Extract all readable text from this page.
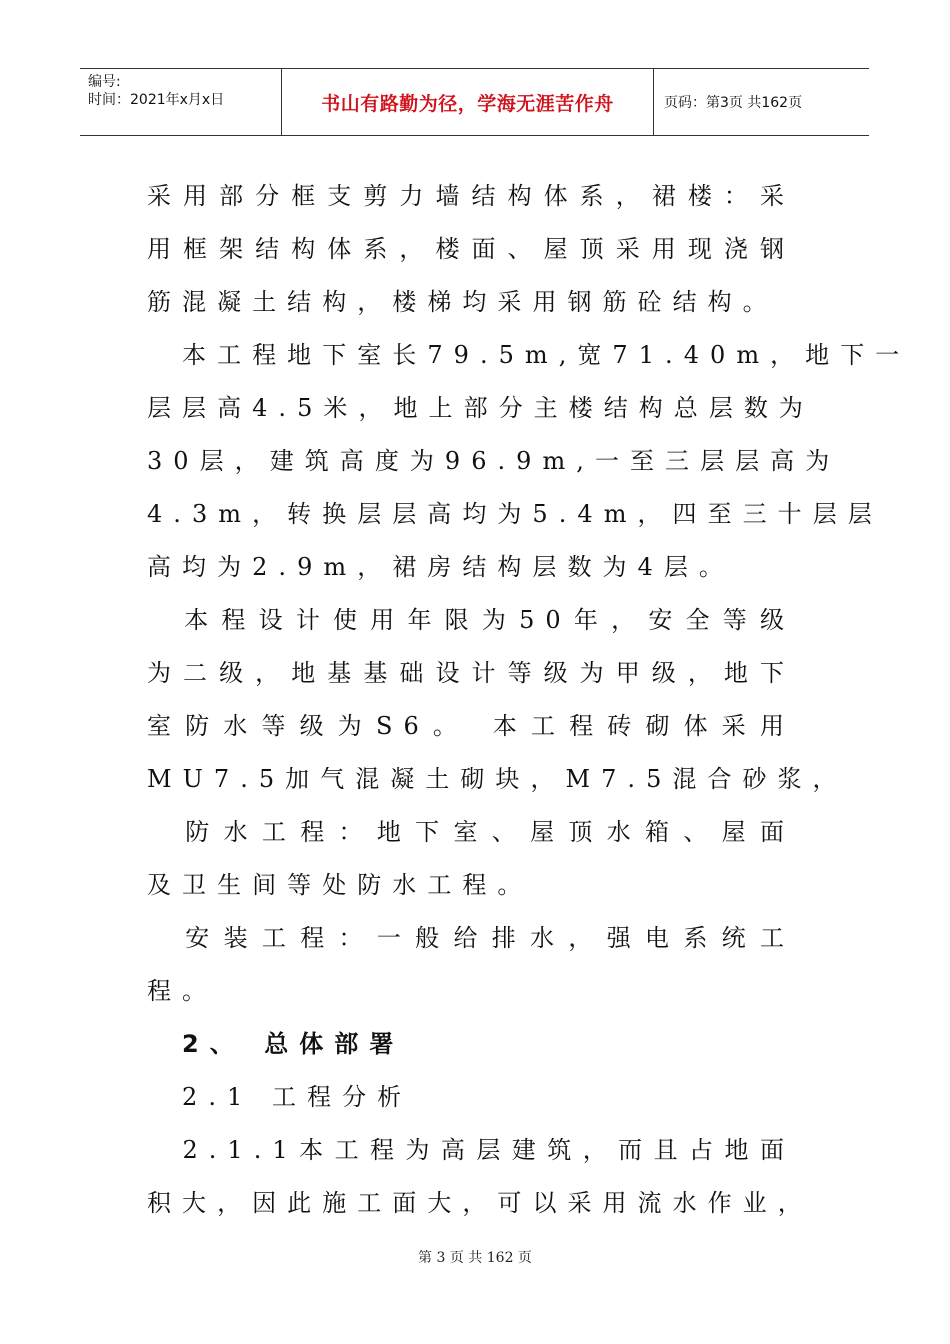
编号:
时间：2021年x月x日	书山有路勤为径，学海无涯苦作舟	页码：第3页 共162页

采用部分框支剪力墙结构体系，裙楼：采

用框架结构体系，楼面、屋顶采用现浇钢

筋混凝土结构，楼梯均采用钢筋砼结构。

　本工程地下室长79.5m,宽71.40m，地下一

层层高4.5米，地上部分主楼结构总层数为

30层，建筑高度为96.9m,一至三层层高为

4.3m，转换层层高均为5.4m，四至三十层层

高均为2.9m，裙房结构层数为4层。

　本程设计使用年限为50年，安全等级

为二级，地基基础设计等级为甲级，地下

室防水等级为S6。 本工程砖砌体采用

MU7.5加气混凝土砌块，M7.5混合砂浆，

　防水工程：地下室、屋顶水箱、屋面

及卫生间等处防水工程。

　安装工程：一般给排水，强电系统工

程。

　2、 总体部署

　2.1 工程分析

　2.1.1本工程为高层建筑，而且占地面

积大，因此施工面大，可以采用流水作业，

第 3 页 共 162 页
